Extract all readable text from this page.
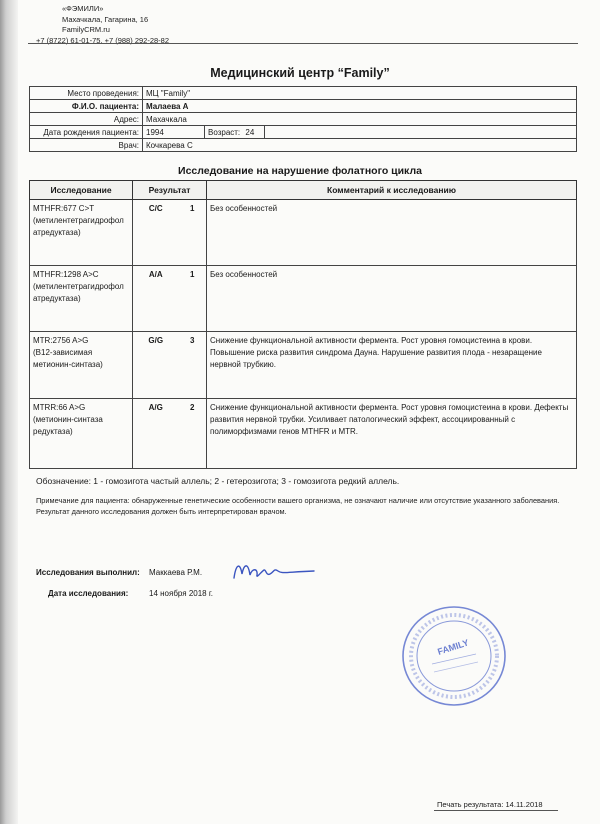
«ФЭМИЛИ»
Махачкала, Гагарина, 16
FamilyCRM.ru
+7 (8722) 61-01-75, +7 (988) 292-28-82
Медицинский центр “Family”
Место проведения:	МЦ "Family"		
Ф.И.О. пациента:	Малаева А		
Адрес:	Махачкала		
Дата рождения пациента:	1994	Возраст: 24	
Врач:	Кочкарева С		
Исследование на нарушение фолатного цикла
Исследование	Результат		Комментарий к исследованию

MTHFR:677 C>T
(метилентетрагидрофол
атредуктаза)	C/C	1	Без особенностей

MTHFR:1298 A>C
(метилентетрагидрофол
атредуктаза)	A/A	1	Без особенностей

MTR:2756 A>G
(B12-зависимая
метионин-синтаза)	G/G	3	Снижение функциональной активности фермента. Рост уровня гомоцистеина в крови. Повышение риска развития синдрома Дауна. Нарушение развития плода - незаращение нервной трубкию.

MTRR:66 A>G
(метионин-синтаза
редуктаза)	A/G	2	Снижение функциональной активности фермента. Рост уровня гомоцистеина в крови. Дефекты развития нервной трубки. Усиливает патологический эффект, ассоциированный с полиморфизмами генов MTHFR и MTR.
Обозначение: 1 - гомозигота частый аллель; 2 - гетерозигота; 3 - гомозигота редкий аллель.
Примечание для пациента: обнаруженные генетические особенности вашего организма, не означают наличие или отсутствие указанного заболевания. Результат данного исследования должен быть интерпретирован врачом.
Исследования выполнил: Маккаева Р.М.
Дата исследования:	14 ноября 2018 г.
FAMILY
Печать результата: 14.11.2018
